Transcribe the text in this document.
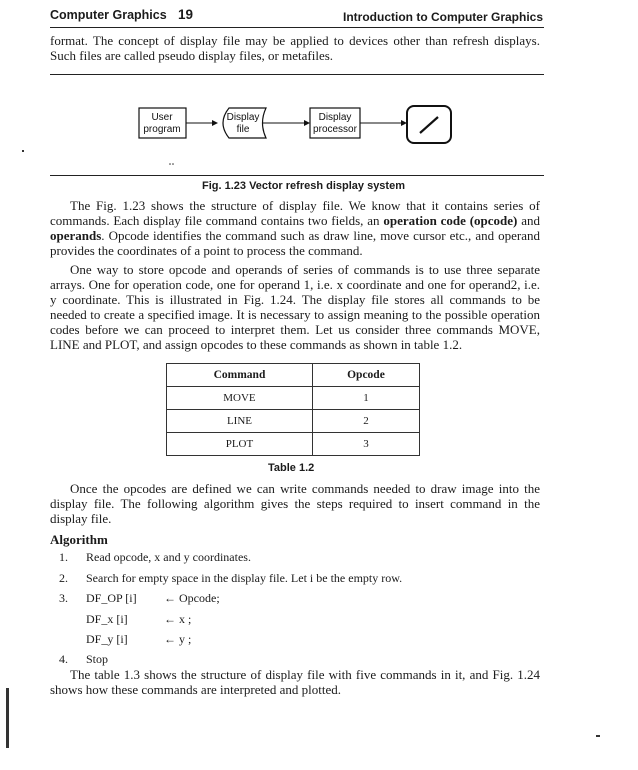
Computer Graphics 19	Introduction to Computer Graphics

format. The concept of display file may be applied to devices other than refresh displays. Such files are called pseudo display files, or metafiles.

User
program
Display
file
Display
processor
Fig. 1.23 Vector refresh display system

The Fig. 1.23 shows the structure of display file. We know that it contains series of commands. Each display file command contains two fields, an operation code (opcode) and operands. Opcode identifies the command such as draw line, move cursor etc., and operand provides the coordinates of a point to process the command.

One way to store opcode and operands of series of commands is to use three separate arrays. One for operation code, one for operand 1, i.e. x coordinate and one for operand2, i.e. y coordinate. This is illustrated in Fig. 1.24. The display file stores all commands to be needed to create a specified image. It is necessary to assign meaning to the possible operation codes before we can proceed to interpret them. Let us consider three commands MOVE, LINE and PLOT, and assign opcodes to these commands as shown in table 1.2.

Command	Opcode
MOVE	1
LINE	2
PLOT	3
Table 1.2

Once the opcodes are defined we can write commands needed to draw image into the display file. The following algorithm gives the steps required to insert command in the display file.

Algorithm
1. Read opcode, x and y coordinates.
2. Search for empty space in the display file. Let i be the empty row.
3. DF_OP [i] ← Opcode;
DF_x [i]	← x ;
DF_y [i]	← y ;
4. Stop

The table 1.3 shows the structure of display file with five commands in it, and Fig. 1.24 shows how these commands are interpreted and plotted.
